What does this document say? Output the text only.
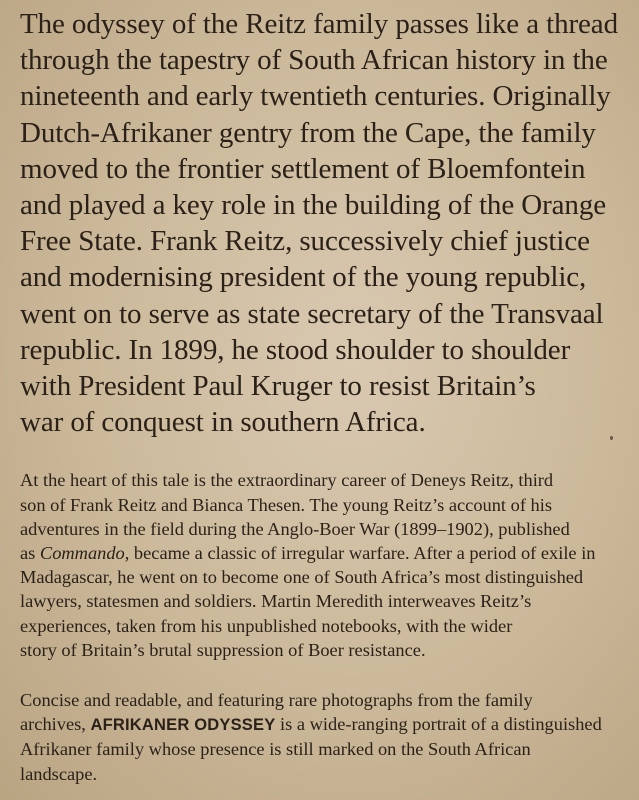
The odyssey of the Reitz family passes like a thread
through the tapestry of South African history in the
nineteenth and early twentieth centuries. Originally
Dutch-Afrikaner gentry from the Cape, the family
moved to the frontier settlement of Bloemfontein
and played a key role in the building of the Orange
Free State. Frank Reitz, successively chief justice
and modernising president of the young republic,
went on to serve as state secretary of the Transvaal
republic. In 1899, he stood shoulder to shoulder
with President Paul Kruger to resist Britain’s
war of conquest in southern Africa.

At the heart of this tale is the extraordinary career of Deneys Reitz, third
son of Frank Reitz and Bianca Thesen. The young Reitz’s account of his
adventures in the field during the Anglo-Boer War (1899–1902), published
as Commando, became a classic of irregular warfare. After a period of exile in
Madagascar, he went on to become one of South Africa’s most distinguished
lawyers, statesmen and soldiers. Martin Meredith interweaves Reitz’s
experiences, taken from his unpublished notebooks, with the wider
story of Britain’s brutal suppression of Boer resistance.

Concise and readable, and featuring rare photographs from the family
archives, AFRIKANER ODYSSEY is a wide-ranging portrait of a distinguished
Afrikaner family whose presence is still marked on the South African
landscape.
